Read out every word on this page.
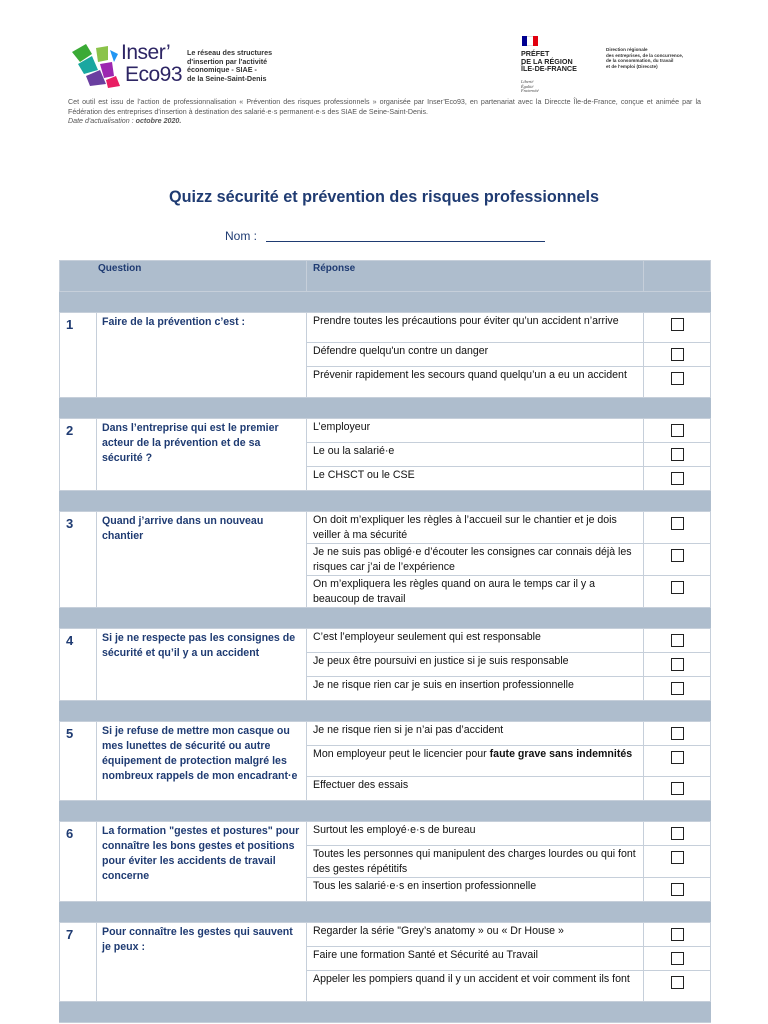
Inser’
Eco93
Le réseau des structures
d'insertion par l'activité
économique - SIAE -
de la Seine-Saint-Denis
PRÉFET
DE LA RÉGION
ÎLE-DE-FRANCE
Liberté
Égalité
Fraternité
Direction régionale
des entreprises, de la concurrence,
de la consommation, du travail
et de l'emploi (Direccte)
Cet outil est issu de l’action de professionnalisation « Prévention des risques professionnels » organisée par Inser’Eco93, en partenariat avec la Direccte Île-de-France, conçue et animée par la Fédération des entreprises d’insertion à destination des salarié·e·s permanent·e·s des SIAE de Seine-Saint-Denis.
Date d'actualisation : octobre 2020.
Quizz sécurité et prévention des risques professionnels
Nom :
Question		Réponse	

1	Faire de la prévention c’est :	Prendre toutes les précautions pour éviter qu’un accident n’arrive	
		Défendre quelqu'un contre un danger	
		Prévenir rapidement les secours quand quelqu’un a eu un accident	

2	Dans l’entreprise qui est le premier acteur de la prévention et de sa sécurité ?	L’employeur	
		Le ou la salarié·e	
		Le CHSCT ou le CSE	

3	Quand j’arrive dans un nouveau chantier	On doit m’expliquer les règles à l’accueil sur le chantier et je dois veiller à ma sécurité	
		Je ne suis pas obligé·e d’écouter les consignes car connais déjà les risques car j’ai de l’expérience	
		On m’expliquera les règles quand on aura le temps car il y a beaucoup de travail	

4	Si je ne respecte pas les consignes de sécurité et qu’il y a un accident	C’est l’employeur seulement qui est responsable	
		Je peux être poursuivi en justice si je suis responsable	
		Je ne risque rien car je suis en insertion professionnelle	

5	Si je refuse de mettre mon casque ou mes lunettes de sécurité ou autre équipement de protection malgré les nombreux rappels de mon encadrant·e	Je ne risque rien si je n’ai pas d’accident	
		Mon employeur peut le licencier pour faute grave sans indemnités	
		Effectuer des essais	

6	La formation "gestes et postures" pour connaître les bons gestes et positions pour éviter les accidents de travail concerne	Surtout les employé·e·s de bureau	
		Toutes les personnes qui manipulent des charges lourdes ou qui font des gestes répétitifs	
		Tous les salarié·e·s en insertion professionnelle	

7	Pour connaître les gestes qui sauvent je peux :	Regarder la série "Grey’s anatomy » ou « Dr House »	
		Faire une formation Santé et Sécurité au Travail	
		Appeler les pompiers quand il y un accident et voir comment ils font	
